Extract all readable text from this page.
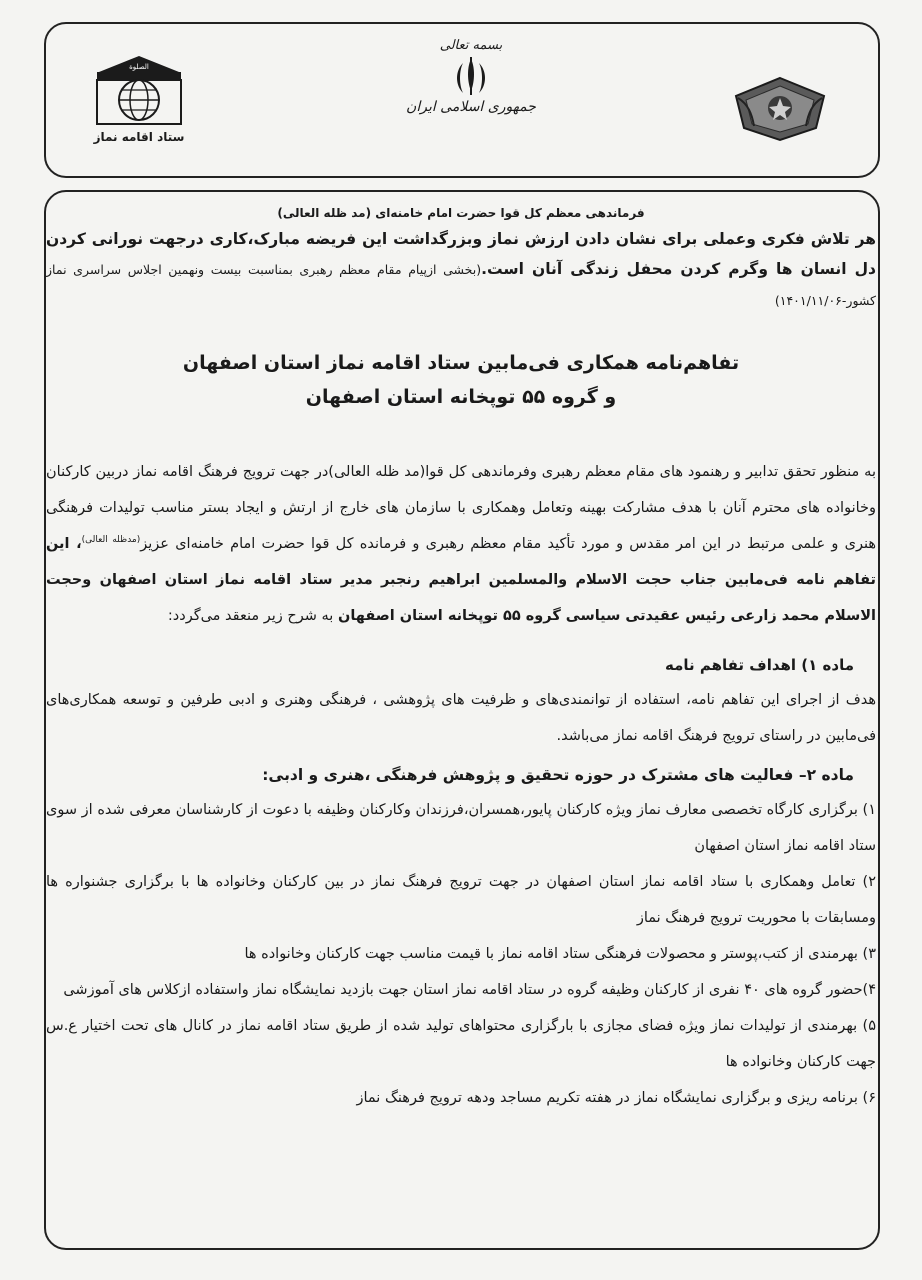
الصلوة
ستاد اقامه نماز
بسمه تعالی
جمهوری اسلامی ایران

فرماندهی معظم کل قوا حضرت امام خامنه‌ای (مد ظله العالی)

هر تلاش فکری وعملی برای نشان دادن ارزش نماز وبزرگداشت این فریضه مبارک،کاری درجهت نورانی کردن دل انسان ها وگرم کردن محفل زندگی آنان است.(بخشی ازپیام مقام معظم رهبری بمناسبت بیست ونهمین اجلاس سراسری نماز کشور-۱۴۰۱/۱۱/۰۶)

تفاهم‌نامه همکاری فی‌مابین ستاد اقامه نماز استان اصفهان
و گروه ۵۵ توپخانه استان اصفهان

به منظور تحقق تدابیر و رهنمود های مقام معظم رهبری وفرماندهی کل قوا(مد ظله العالی)در جهت ترویج فرهنگ اقامه نماز دربین کارکنان وخانواده های محترم آنان با هدف مشارکت بهینه وتعامل وهمکاری با سازمان های خارج از ارتش و ایجاد بستر مناسب تولیدات فرهنگی هنری و علمی مرتبط در این امر مقدس و مورد تأکید مقام معظم رهبری و فرمانده کل قوا حضرت امام خامنه‌ای عزیز$^{(مدظله العالی)}$، این تفاهم نامه فی‌مابین جناب حجت الاسلام والمسلمین ابراهیم رنجبر مدیر ستاد اقامه نماز استان اصفهان وحجت الاسلام محمد زارعی رئیس عقیدتی سیاسی گروه ۵۵ توپخانه استان اصفهان به شرح زیر منعقد می‌گردد:

ماده ۱) اهداف تفاهم نامه

هدف از اجرای این تفاهم نامه، استفاده از توانمندی‌های و ظرفیت های پژوهشی ، فرهنگی وهنری و ادبی طرفین و توسعه همکاری‌های فی‌مابین در راستای ترویج فرهنگ اقامه نماز می‌باشد.

ماده ۲– فعالیت های مشترک در حوزه تحقیق و پژوهش فرهنگی ،هنری و ادبی:

۱) برگزاری کارگاه تخصصی معارف نماز ویژه کارکنان پایور،همسران،فرزندان وکارکنان وظیفه با دعوت از کارشناسان معرفی شده از سوی ستاد اقامه نماز استان اصفهان

۲) تعامل وهمکاری با ستاد اقامه نماز استان اصفهان در جهت ترویج فرهنگ نماز در بین کارکنان وخانواده ها با برگزاری جشنواره ها ومسابقات با محوریت ترویج فرهنگ نماز

۳) بهرمندی از کتب،پوستر و محصولات فرهنگی ستاد اقامه نماز با قیمت مناسب جهت کارکنان وخانواده ها

۴)حضور گروه های ۴۰ نفری از کارکنان وظیفه گروه در ستاد اقامه نماز استان جهت بازدید نمایشگاه نماز واستفاده ازکلاس های آموزشی

۵) بهرمندی از تولیدات نماز ویژه فضای مجازی با بارگزاری محتواهای تولید شده از طریق ستاد اقامه نماز در کانال های تحت اختیار ع.س جهت کارکنان وخانواده ها

۶) برنامه ریزی و برگزاری نمایشگاه نماز در هفته تکریم مساجد ودهه ترویج فرهنگ نماز
